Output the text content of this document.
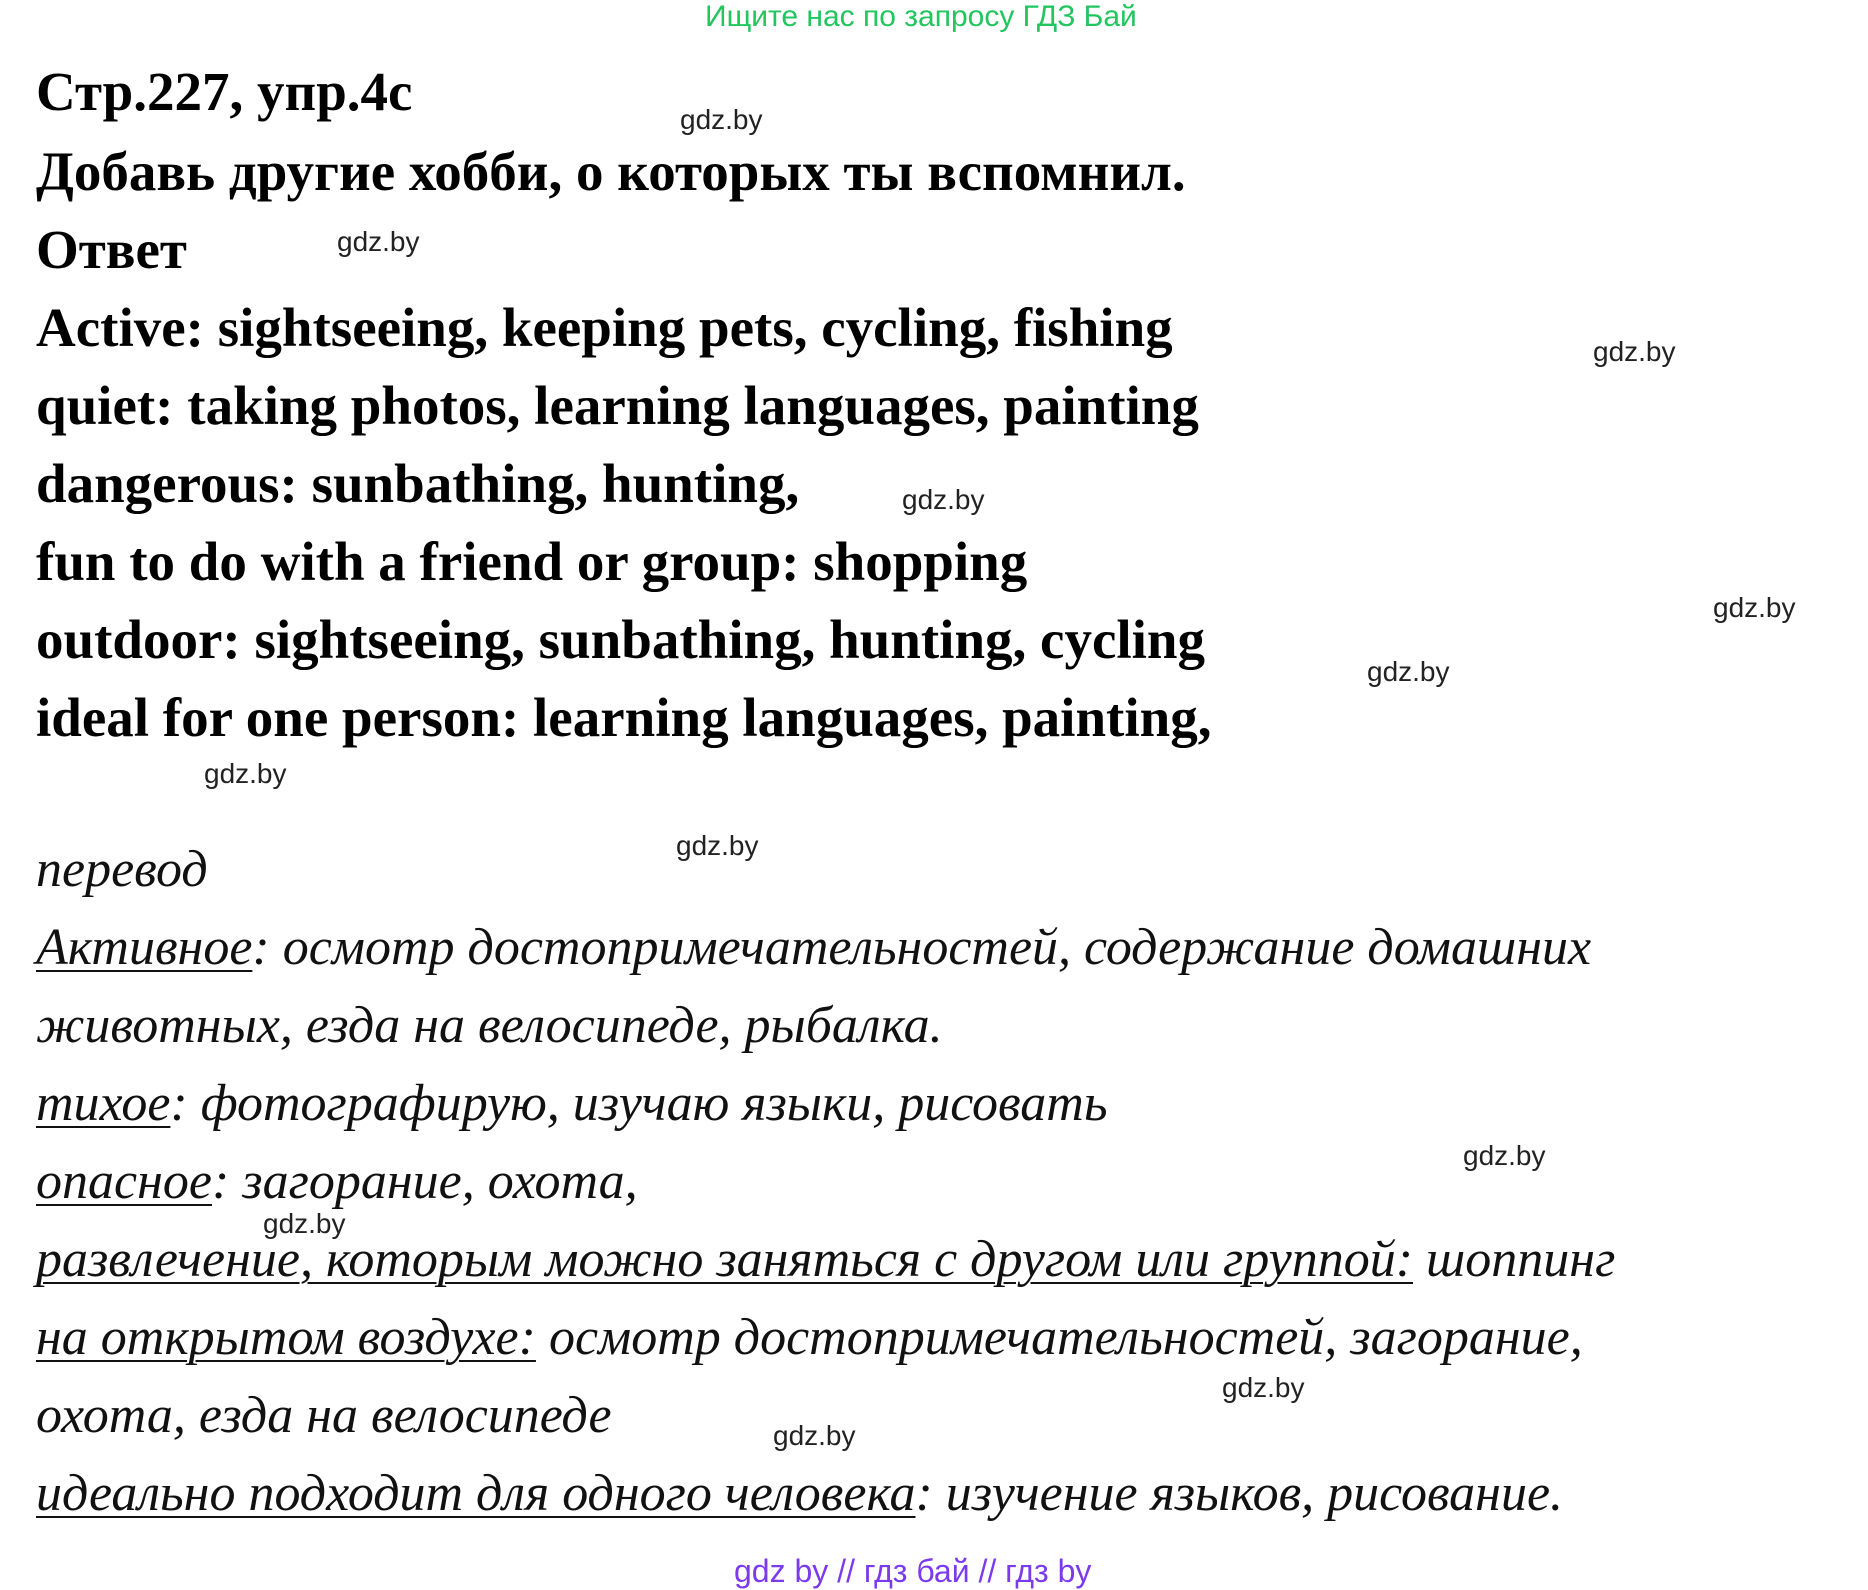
Ищите нас по запросу ГДЗ Бай
Стр.227, упр.4с
Добавь другие хобби, о которых ты вспомнил.
Ответ
Active: sightseeing, keeping pets, cycling, fishing
quiet: taking photos, learning languages, painting
dangerous: sunbathing, hunting,
fun to do with a friend or group: shopping
outdoor: sightseeing, sunbathing, hunting, cycling
ideal for one person: learning languages, painting,
перевод
Активное: осмотр достопримечательностей, содержание домашних
животных, езда на велосипеде, рыбалка.
тихое: фотографирую, изучаю языки, рисовать
опасное: загорание, охота,
развлечение, которым можно заняться с другом или группой: шоппинг
на открытом воздухе: осмотр достопримечательностей, загорание,
охота, езда на велосипеде
идеально подходит для одного человека: изучение языков, рисование.
gdz.by
gdz.by
gdz.by
gdz.by
gdz.by
gdz.by
gdz.by
gdz.by
gdz.by
gdz.by
gdz.by
gdz.by
gdz by // гдз бай // гдз by
